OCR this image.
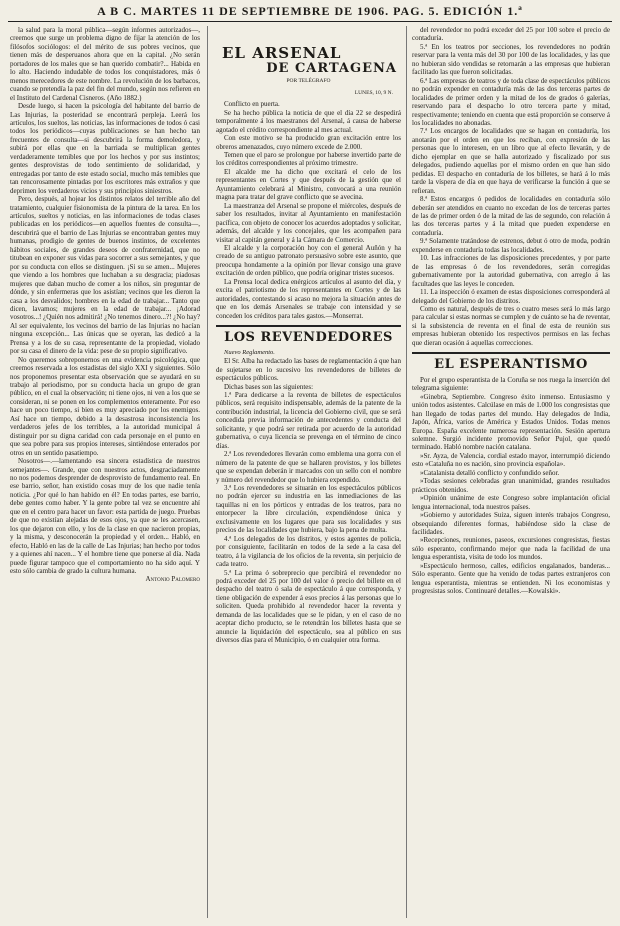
A B C. MARTES 11 DE SEPTIEMBRE DE 1906. PAG. 5. EDICIÓN 1.ª

la salud para la moral pública—según informes autorizados—, creemos que surge un problema digno de fijar la atención de los filósofos sociólogos: el del mérito de sus pobres vecinos, que tienen más de desperuanos ahora que en la capital. ¿No serán portadores de los males que se han querido combatir?... Habida en lo alto. Haciendo indudable de todos los conquistadores, más ó menos merecedores de este nombre. La revolución de los barbacos, cuando se pretendía la paz del fin del mundo, según nos refieren en el Instituto del Cardenal Cisneros. (Año 1882.)

Desde luego, si hacen la psicología del habitante del barrio de Las Injurias, la posteridad se encontrará perpleja. Leerá los artículos, los sueltos, las noticias, las informaciones de todos ó casi todos los periódicos—cuyas publicaciones se han hecho tan frecuentes de consulta—si descubrirá la forma demoledora, y subirá por ellas que en la barriada se multiplican gentes verdaderamente temibles que por los hechos y por sus instintos; gentes desprovistas de todo sentimiento de solidaridad, y entregadas por tanto de este estado social, mucho más temibles que tan rencorosamente pintadas por los escritores más extraños y que deprimen los verdaderos vicios y sus principios siniestros.

Pero, después, al hojear los distintos relatos del terrible año del tratamiento, cualquier fisionomista de la pintura de la tarea. En los artículos, sueltos y noticias, en las informaciones de todas clases publicadas en los periódicos—en aquellos fuentes de consulta—, descubrirá que el barrio de Las Injurias se encontraban gentes muy humanas, prodigio de gentes de buenos instintos, de excelentes hábitos sociales, de grandes deseos de confraternidad, que no titubean en exponer sus vidas para socorrer a sus semejantes, y que por su conducta con ellos se distinguen. ¡Si su se amen... Mujeres que viendo a los hombres que luchaban a su desgracia; piadosas mujeres que daban mucho de comer a los niños, sin preguntar de dónde, y sin enfermeras que los asistían; vecinos que les dieron la casa a los desvalidos; hombres en la edad de trabajar... Tanto que dicen, lavamos; mujeres en la edad de trabajar... ¡Adorad vosotros...! ¿Quién nos admitirá! ¿No tenemos dinero...?! ¿No hay? Al ser equivalente, los vecinos del barrio de las Injurias no hacían ninguna excepción... Las únicas que se oyeran, las dedicó a la Prensa y a los de su casa, representante de la propiedad, violado por su casa el dinero de la vida: pese de su propio significativo.

No queremos sobreponernos en una evidencia psicológica, que creemos reservada a los estadistas del siglo XXI y siguientes. Sólo nos proponemos presentar esta observación que se ayudará en su trabajo al periodismo, por su conducta hacia un grupo de gran público, en el cual la observación; ni tiene ojos, ni ven a los que se consideran, ni se ponen en los complementos enteramente. Por eso hace un poco tiempo, si bien es muy apreciado por los enemigos. Así hace un tiempo, debido a la desastrosa inconsistencia los verdaderos jefes de los terribles, a la autoridad municipal á distinguir por su digna caridad con cada personaje en el punto en que sea pobre para sus propios intereses, sintiéndose enterados por otros en un sentido pasatiempo.

Nosotros—.—lamentando esa sincera estadística de nuestros semejantes—. Grande, que con nuestros actos, desgraciadamente no nos podemos desprender de desprovisto de fundamento real. En ese barrio, señor, han existido cosas muy de los que nadie tenía noticia. ¿Por qué lo han habido en él? En todas partes, ese barrio, debe gentes como haber. Y la gente pobre tal vez se encuentre ahí que en el centro para hacer un favor: esta partida de juego. Pruebas de que no existían alejadas de esos ojos, ya que se les acercasen, los que dejaron con ello, y los de la clase en que nacieron propias, y la misma, y desconocerán la propiedad y el orden... Habló, en efecto, Habló en las de la calle de Las Injurias; han hecho por todos y a quienes ahí nacen... Y el hombre tiene que ponerse al día. Nada puede figurar tampoco que el comportamiento no ha sido aquí. Y esto sólo cambia de grado la cultura humana.

Antonio Palomero

EL ARSENAL
DE CARTAGENA
POR TELÉGRAFO
LUNES, 10, 9 N.

Conflicto en puerta.

Se ha hecho pública la noticia de que el día 22 se despedirá temporalmente á los maestranos del Arsenal, á causa de haberse agotado el crédito correspondiente al mes actual.

Con este motivo se ha producido gran excitación entre los obreros amenazados, cuyo número excede de 2.000.

Temen que el paro se prolongue por haberse invertido parte de los créditos correspondientes al próximo trimestre.

El alcalde me ha dicho que excitará el celo de los representantes en Cortes y que después de la gestión que el Ayuntamiento celebrará al Ministro, convocará a una reunión magna para tratar del grave conflicto que se avecina.

La maestranza del Arsenal se propone el miércoles, después de saber los resultados, invitar al Ayuntamiento en manifestación pacífica, con objeto de conocer los acuerdos adoptados y solicitar, además, del alcalde y los concejales, que les acompañen para visitar al capitán general y á la Cámara de Comercio.

El alcalde y la corporación hoy con el general Auñón y ha creado de su antiguo patronato persuasivo sobre este asunto, que preocupa hondamente a la opinión por llevar consigo una grave excitación de orden público, que podría originar tristes sucesos.

La Prensa local dedica enérgicos artículos al asunto del día, y excita el patriotismo de los representantes en Cortes y de las autoridades, contestando si acaso no mejora la situación antes de que en los demás Arsenales se trabaje con intensidad y se conceden los créditos para tales gastos.—Monserrat.

LOS REVENDEDORES

Nuevo Reglamento.

El Sr. Alba ha redactado las bases de reglamentación á que han de sujetarse en lo sucesivo los revendedores de billetes de espectáculos públicos.

Dichas bases son las siguientes:

1.ª Para dedicarse a la reventa de billetes de espectáculos públicos, será requisito indispensable, además de la patente de la contribución industrial, la licencia del Gobierno civil, que se será concedida previa información de antecedentes y conducta del solicitante, y que podrá ser retirada por acuerdo de la autoridad gubernativa, o cuya licencia se prevenga en el término de cinco días.

2.ª Los revendedores llevarán como emblema una gorra con el número de la patente de que se hallaren provistos, y los billetes que se expendan deberán ir marcados con un sello con el nombre y número del revendedor que lo hubiera expendido.

3.ª Los revendedores se situarán en los espectáculos públicos no podrán ejercer su industria en las inmediaciones de las taquillas ni en los pórticos y entradas de los teatros, para no entorpecer la libre circulación, expendiéndose única y exclusivamente en los lugares que para sus localidades y sus precios de las localidades que hubiera, bajo la pena de multa.

4.ª Los delegados de los distritos, y estos agentes de policía, por consiguiente, facilitarán en todos de la sede a la casa del teatro, á la vigilancia de los oficios de la reventa, sin perjuicio de cada teatro.

5.ª La prima ó sobreprecio que percibirá el revendedor no podrá exceder del 25 por 100 del valor ó precio del billete en el despacho del teatro ó sala de espectáculo á que corresponda, y tiene obligación de expender á esos precios á las personas que lo soliciten. Queda prohibido al revendedor hacer la reventa y demanda de las localidades que se le pidan, y en el caso de no aceptar dicho producto, se le retendrán los billetes hasta que se anuncie la liquidación del espectáculo, sea al público en sus diversos días para el Municipio, ó en cualquier otra forma.

del revendedor no podrá exceder del 25 por 100 sobre el precio de contaduría.

5.ª En los teatros por secciones, los revendedores no podrán reservar para la venta más del 30 por 100 de las localidades, y las que no hubieran sido vendidas se retornarán a las empresas que hubieran facilitado las que fueron solicitadas.

6.ª Las empresas de teatros y de toda clase de espectáculos públicos no podrán expender en contaduría más de las dos terceras partes de localidades de primer orden y la mitad de los de grados ó galerías, reservando para el despacho lo otro tercera parte y mitad, respectivamente; teniendo en cuenta que está proporción se conserve á los localidades no abonadas.

7.ª Los encargos de localidades que se hagan en contaduría, los anotarán por el orden en que los reciban, con expresión de las personas que lo interesen, en un libro que al efecto llevarán, y de dicho ejemplar en que se halla autorizado y fiscalizado por sus delegados, pudiendo aquellas por el mismo orden en que han sido pedidas. El despacho en contaduría de los billetes, se hará á lo más tarde la víspera de día en que haya de verificarse la función á que se refieran.

8.ª Estos encargos ó pedidos de localidades en contaduría sólo deberán ser atendidos en cuanto no excedan de los de terceras partes de las de primer orden ó de la mitad de las de segundo, con relación á las dos terceras partes y á la mitad que pueden expenderse en contaduría.

9.ª Solamente tratándose de estrenos, debut ó otro de moda, podrán expenderse en contaduría todas las localidades.

10. Las infracciones de las disposiciones precedentes, y por parte de las empresas ó de los revendedores, serán corregidas gubernativamente por la autoridad gubernativa, con arreglo á las facultades que las leyes le conceden.

11. La inspección ó examen de estas disposiciones corresponderá al delegado del Gobierno de los distritos.

Como es natural, después de tres o cuatro meses será lo más largo para calcular si estas normas se cumplen y de cuánto se ha de reventar, si la subsistencia de reventa en el final de esta de reunión sus empresas hubieran obtenido los respectivos permisos en las fechas que dieran ocasión á aquellas correcciones.

EL ESPERANTISMO

Por el grupo esperantista de la Coruña se nos ruega la inserción del telegrama siguiente:

«Ginebra, Septiembre. Congreso éxito inmenso. Entusiasmo y unión todos asistentes. Calcúlase en más de 1.000 los congresistas que han llegado de todas partes del mundo. Hay delegados de India, Japón, África, varios de América y Estados Unidos. Todas menos Europa. España excelente numerosa representación. Sesión apertura solemne. Surgió incidente promovido Señor Pujol, que quedó terminado. Habló nombre nación catalana.

»Sr. Ayza, de Valencia, cordial estado mayor, interrumpió diciendo esto «Cataluña no es nación, sino provincia española».

»Catalanista detalló conflicto y confundido señor.

»Todas sesiones celebradas gran unanimidad, grandes resultados prácticos obtenidos.

»Opinión unánime de este Congreso sobre implantación oficial lengua internacional, toda nuestros países.

»Gobierno y autoridades Suiza, siguen interés trabajos Congreso, obsequiando diferentes formas, habiéndose sido la clase de facilidades.

»Recepciones, reuniones, paseos, excursiones congresistas, fiestas sólo esperanto, confirmando mejor que nada la facilidad de una lengua esperantista, visita de todo los mundos.

»Espectáculo hermoso, calles, edificios engalanados, banderas... Sólo esperanto. Gente que ha venido de todas partes extranjeros con lengua esperantista, mientras se entienden. Ni los economistas y progresistas solos. Continuaré detalles.—Kowalski».
